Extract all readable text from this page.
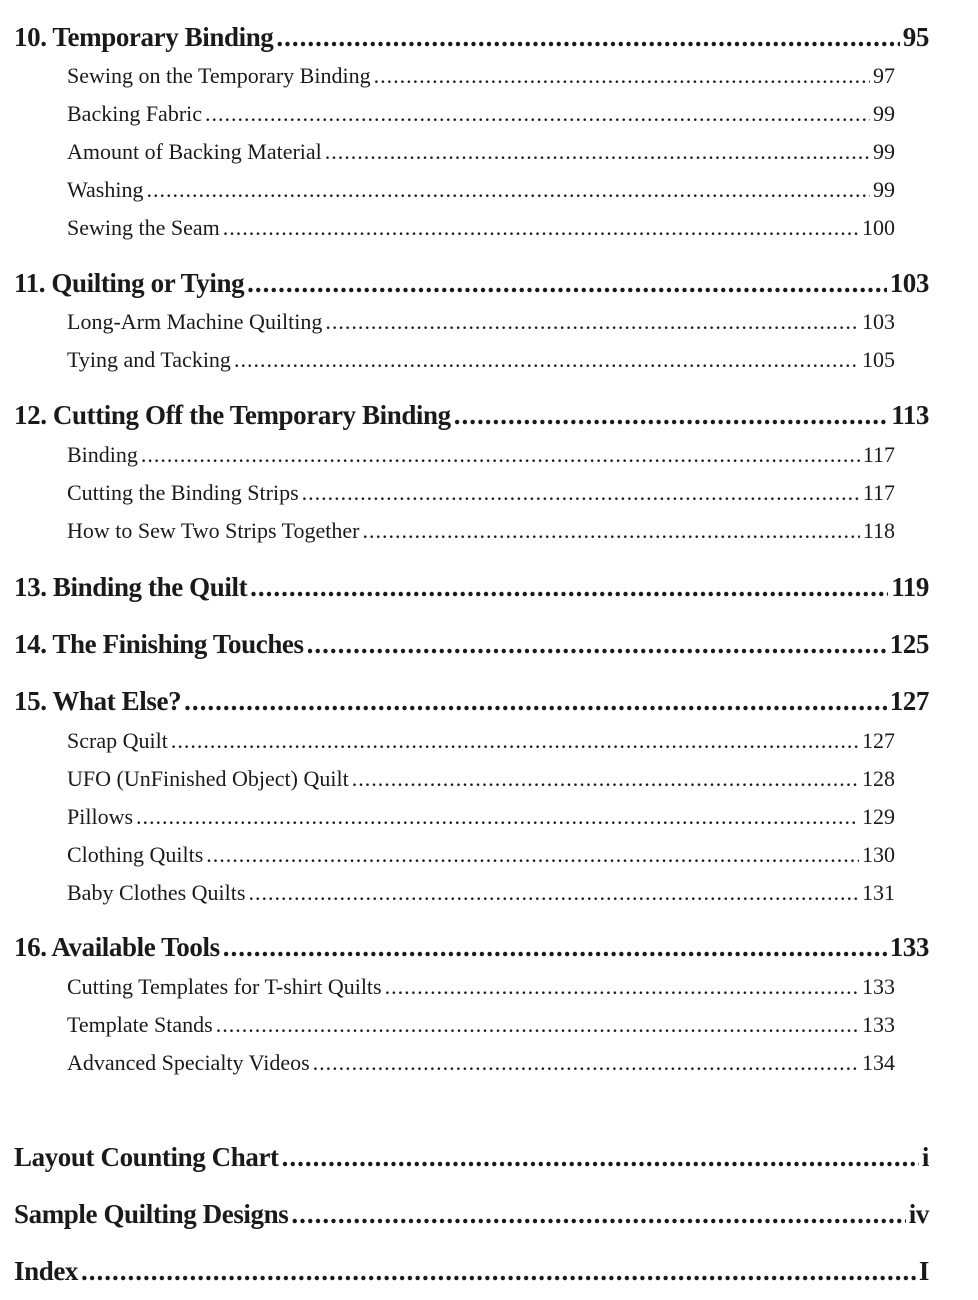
10. Temporary Binding .....	95
Sewing on the Temporary Binding .....	97
Backing Fabric .....	99
Amount of Backing Material .....	99
Washing .....	99
Sewing the Seam .....	100
11. Quilting or Tying .....	103
Long-Arm Machine Quilting .....	103
Tying and Tacking .....	105
12. Cutting Off the Temporary Binding .....	113
Binding .....	117
Cutting the Binding Strips .....	117
How to Sew Two Strips Together .....	118
13. Binding the Quilt .....	119
14. The Finishing Touches .....	125
15. What Else? .....	127
Scrap Quilt .....	127
UFO (UnFinished Object) Quilt .....	128
Pillows .....	129
Clothing Quilts .....	130
Baby Clothes Quilts .....	131
16. Available Tools .....	133
Cutting Templates for T-shirt Quilts .....	133
Template Stands .....	133
Advanced Specialty Videos .....	134
Layout Counting Chart .....	i
Sample Quilting Designs .....	iv
Index .....	I
